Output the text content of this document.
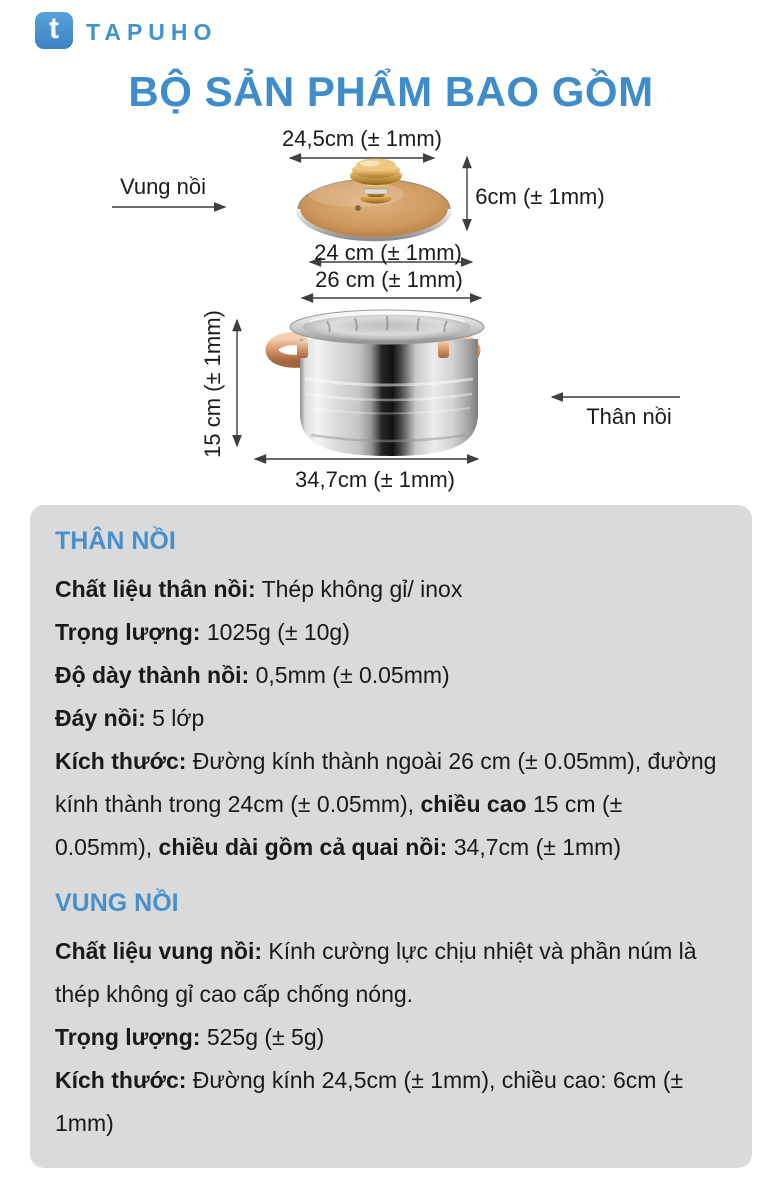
t TAPUHO
BỘ SẢN PHẨM BAO GỒM
24,5cm (± 1mm)
Vung nồi	6cm (± 1mm)
24 cm (± 1mm)
26 cm (± 1mm)
15 cm (± 1mm)	Thân nồi
34,7cm (± 1mm)
THÂN NỒI

Chất liệu thân nồi: Thép không gỉ/ inox

Trọng lượng: 1025g (± 10g)

Độ dày thành nồi: 0,5mm (± 0.05mm)

Đáy nồi: 5 lớp

Kích thước: Đường kính thành ngoài 26 cm (± 0.05mm), đường kính thành trong 24cm (± 0.05mm), chiều cao 15 cm (± 0.05mm), chiều dài gồm cả quai nồi: 34,7cm (± 1mm)

VUNG NỒI

Chất liệu vung nồi: Kính cường lực chịu nhiệt và phần núm là thép không gỉ cao cấp chống nóng.

Trọng lượng: 525g (± 5g)

Kích thước: Đường kính 24,5cm (± 1mm), chiều cao: 6cm (± 1mm)
